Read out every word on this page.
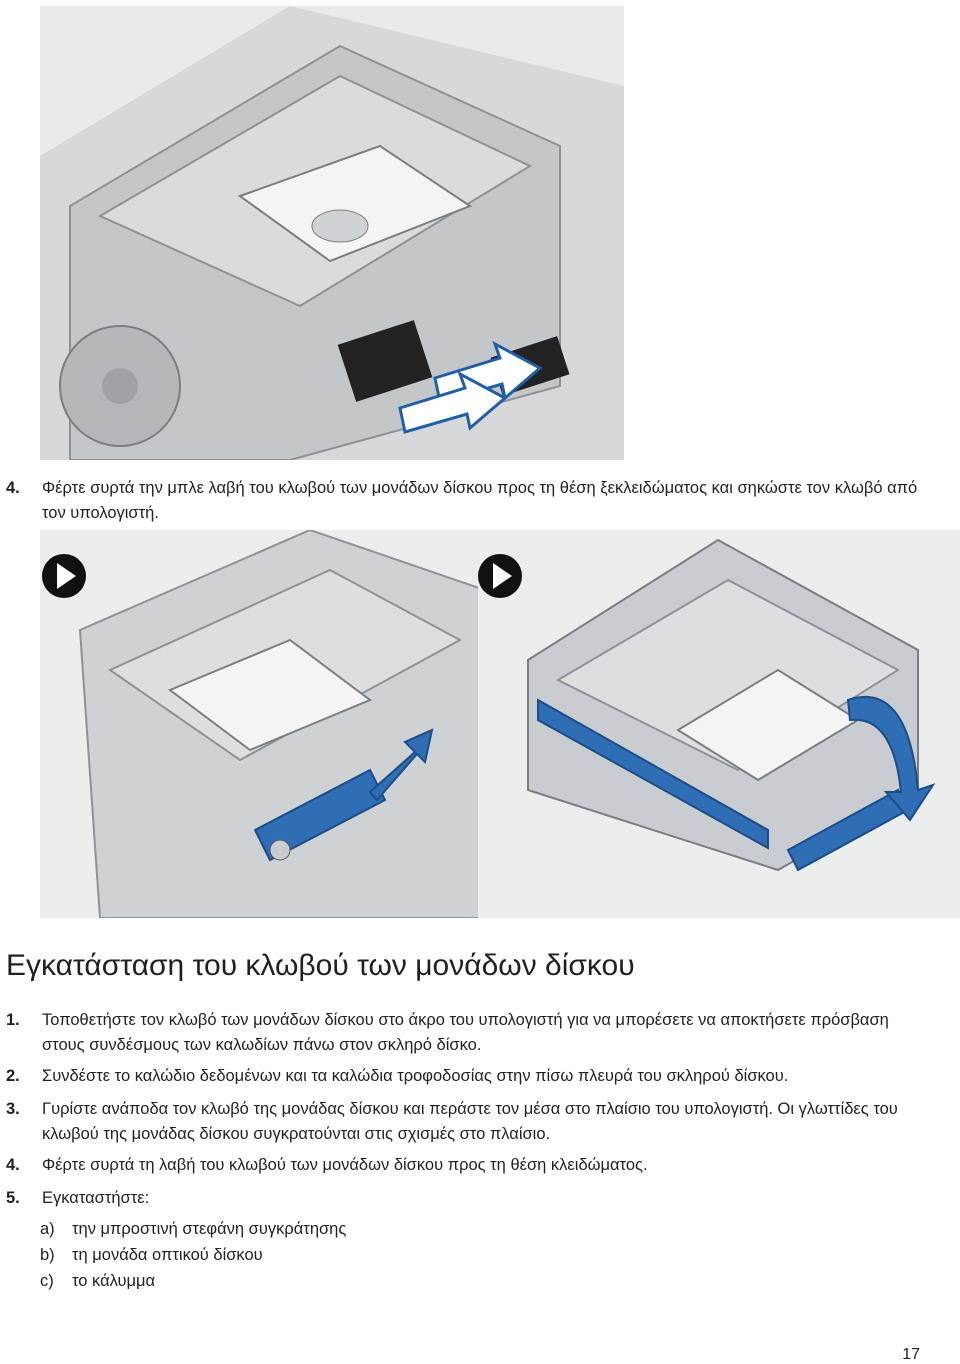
4. Φέρτε συρτά την μπλε λαβή του κλωβού των μονάδων δίσκου προς τη θέση ξεκλειδώματος και σηκώστε τον κλωβό από τον υπολογιστή.
Εγκατάσταση του κλωβού των μονάδων δίσκου
1. Τοποθετήστε τον κλωβό των μονάδων δίσκου στο άκρο του υπολογιστή για να μπορέσετε να αποκτήσετε πρόσβαση στους συνδέσμους των καλωδίων πάνω στον σκληρό δίσκο.
2. Συνδέστε το καλώδιο δεδομένων και τα καλώδια τροφοδοσίας στην πίσω πλευρά του σκληρού δίσκου.
3. Γυρίστε ανάποδα τον κλωβό της μονάδας δίσκου και περάστε τον μέσα στο πλαίσιο του υπολογιστή. Οι γλωττίδες του κλωβού της μονάδας δίσκου συγκρατούνται στις σχισμές στο πλαίσιο.
4. Φέρτε συρτά τη λαβή του κλωβού των μονάδων δίσκου προς τη θέση κλειδώματος.
5. Εγκαταστήστε:
a) την μπροστινή στεφάνη συγκράτησης
b) τη μονάδα οπτικού δίσκου
c) το κάλυμμα
17
